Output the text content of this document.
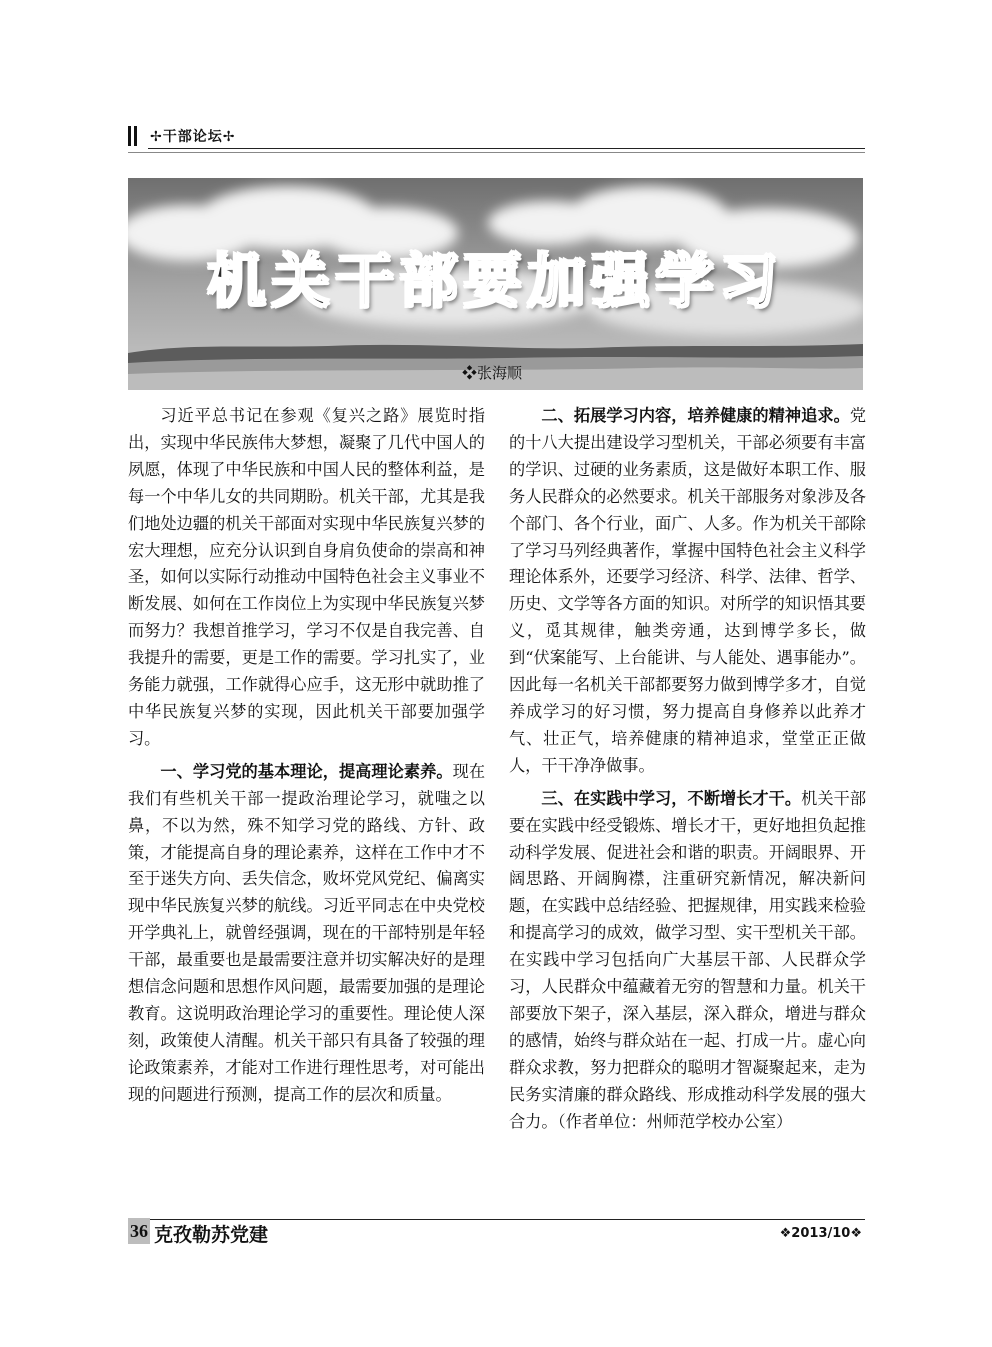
✢干部论坛✢
机关干部要加强学习
❖张海顺

习近平总书记在参观《复兴之路》展览时指出，实现中华民族伟大梦想，凝聚了几代中国人的夙愿，体现了中华民族和中国人民的整体利益，是每一个中华儿女的共同期盼。机关干部，尤其是我们地处边疆的机关干部面对实现中华民族复兴梦的宏大理想，应充分认识到自身肩负使命的崇高和神圣，如何以实际行动推动中国特色社会主义事业不断发展、如何在工作岗位上为实现中华民族复兴梦而努力？我想首推学习，学习不仅是自我完善、自我提升的需要，更是工作的需要。学习扎实了，业务能力就强，工作就得心应手，这无形中就助推了中华民族复兴梦的实现，因此机关干部要加强学习。

一、学习党的基本理论，提高理论素养。现在我们有些机关干部一提政治理论学习，就嗤之以鼻，不以为然，殊不知学习党的路线、方针、政策，才能提高自身的理论素养，这样在工作中才不至于迷失方向、丢失信念，败坏党风党纪、偏离实现中华民族复兴梦的航线。习近平同志在中央党校开学典礼上，就曾经强调，现在的干部特别是年轻干部，最重要也是最需要注意并切实解决好的是理想信念问题和思想作风问题，最需要加强的是理论教育。这说明政治理论学习的重要性。理论使人深刻，政策使人清醒。机关干部只有具备了较强的理论政策素养，才能对工作进行理性思考，对可能出现的问题进行预测，提高工作的层次和质量。

二、拓展学习内容，培养健康的精神追求。党的十八大提出建设学习型机关，干部必须要有丰富的学识、过硬的业务素质，这是做好本职工作、服务人民群众的必然要求。机关干部服务对象涉及各个部门、各个行业，面广、人多。作为机关干部除了学习马列经典著作，掌握中国特色社会主义科学理论体系外，还要学习经济、科学、法律、哲学、历史、文学等各方面的知识。对所学的知识悟其要义，觅其规律，触类旁通，达到博学多长，做到“伏案能写、上台能讲、与人能处、遇事能办”。因此每一名机关干部都要努力做到博学多才，自觉养成学习的好习惯，努力提高自身修养以此养才气、壮正气，培养健康的精神追求，堂堂正正做人，干干净净做事。

三、在实践中学习，不断增长才干。机关干部要在实践中经受锻炼、增长才干，更好地担负起推动科学发展、促进社会和谐的职责。开阔眼界、开阔思路、开阔胸襟，注重研究新情况，解决新问题，在实践中总结经验、把握规律，用实践来检验和提高学习的成效，做学习型、实干型机关干部。在实践中学习包括向广大基层干部、人民群众学习，人民群众中蕴藏着无穷的智慧和力量。机关干部要放下架子，深入基层，深入群众，增进与群众的感情，始终与群众站在一起、打成一片。虚心向群众求教，努力把群众的聪明才智凝聚起来，走为民务实清廉的群众路线、形成推动科学发展的强大合力。（作者单位：州师范学校办公室）

36 克孜勒苏党建	❖2013/10❖
